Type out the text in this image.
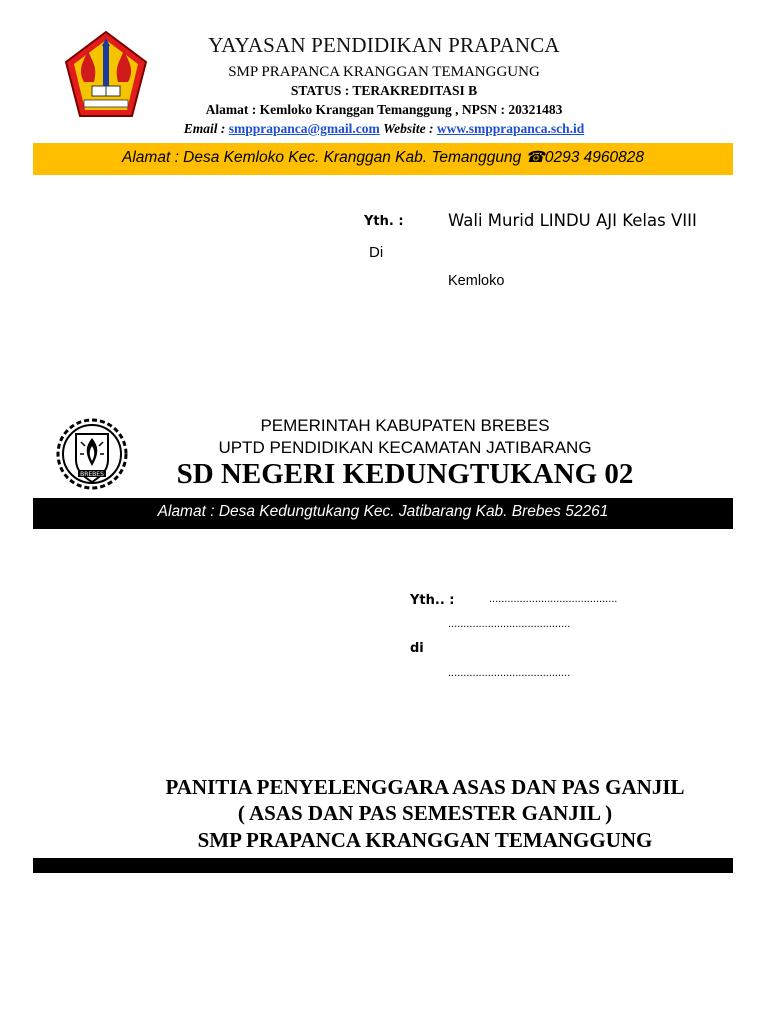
YAYASAN PENDIDIKAN PRAPANCA
SMP PRAPANCA KRANGGAN TEMANGGUNG
STATUS : TERAKREDITASI B
Alamat : Kemloko Kranggan Temanggung , NPSN : 20321483
Email : smpprapanca@gmail.com Website : www.smpprapanca.sch.id
Alamat : Desa Kemloko Kec. Kranggan Kab. Temanggung ☎0293 4960828
Yth. :	Wali Murid LINDU AJI Kelas VIII
Di
Kemloko
BREBES
PEMERINTAH KABUPATEN BREBES
UPTD PENDIDIKAN KECAMATAN JATIBARANG
SD NEGERI KEDUNGTUKANG 02
Alamat : Desa Kedungtukang Kec. Jatibarang Kab. Brebes 52261
Yth.. :	..........................................
........................................
di
........................................
PANITIA PENYELENGGARA ASAS DAN PAS GANJIL
( ASAS DAN PAS SEMESTER GANJIL )
SMP PRAPANCA KRANGGAN TEMANGGUNG
